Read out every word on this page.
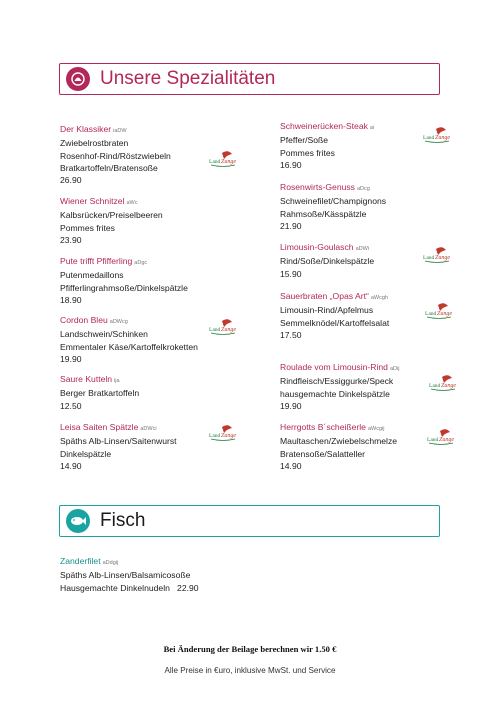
Unsere Spezialitäten
Der Klassiker iaDW
Zwiebelrostbraten
Rosenhof-Rind/Röstzwiebeln
Bratkartoffeln/Bratensoße
26.90
Wiener Schnitzel aWc
Kalbsrücken/Preiselbeeren
Pommes frites
23.90
Pute trifft Pfifferling aDgc
Putenmedaillons
Pfifferlingrahmsoße/Dinkelspätzle
18.90
Cordon Bleu aDWcg
Landschwein/Schinken
Emmentaler Käse/Kartoffelkroketten
19.90
Saure Kutteln ija
Berger Bratkartoffeln
12.50
Leisa Saiten Spätzle aDWci
Späths Alb-Linsen/Saitenwurst
Dinkelspätzle
14.90
Schweinerücken-Steak ai
Pfeffer/Soße
Pommes frites
16.90
Rosenwirts-Genuss aDcg
Schweinefilet/Champignons
Rahmsoße/Kässpätzle
21.90
Limousin-Goulasch aDWi
Rind/Soße/Dinkelspätzle
15.90
Sauerbraten „Opas Art“ aWcgh
Limousin-Rind/Apfelmus
Semmelknödel/Kartoffelsalat
17.50
Roulade vom Limousin-Rind aDij
Rindfleisch/Essiggurke/Speck
hausgemachte Dinkelspätzle
19.90
Herrgotts B´scheißerle aWcgij
Maultaschen/Zwiebelschmelze
Bratensoße/Salatteller
14.90
Land Zunge
Land Zunge
Land Zunge
Land Zunge
Land Zunge
Land Zunge
Land Zunge
Land Zunge
Fisch
Zanderfilet aDdgij
Späths Alb-Linsen/Balsamicosoße
Hausgemachte Dinkelnudeln   22.90
Bei Änderung der Beilage berechnen wir 1.50 €
Alle Preise in €uro, inklusive MwSt. und Service
